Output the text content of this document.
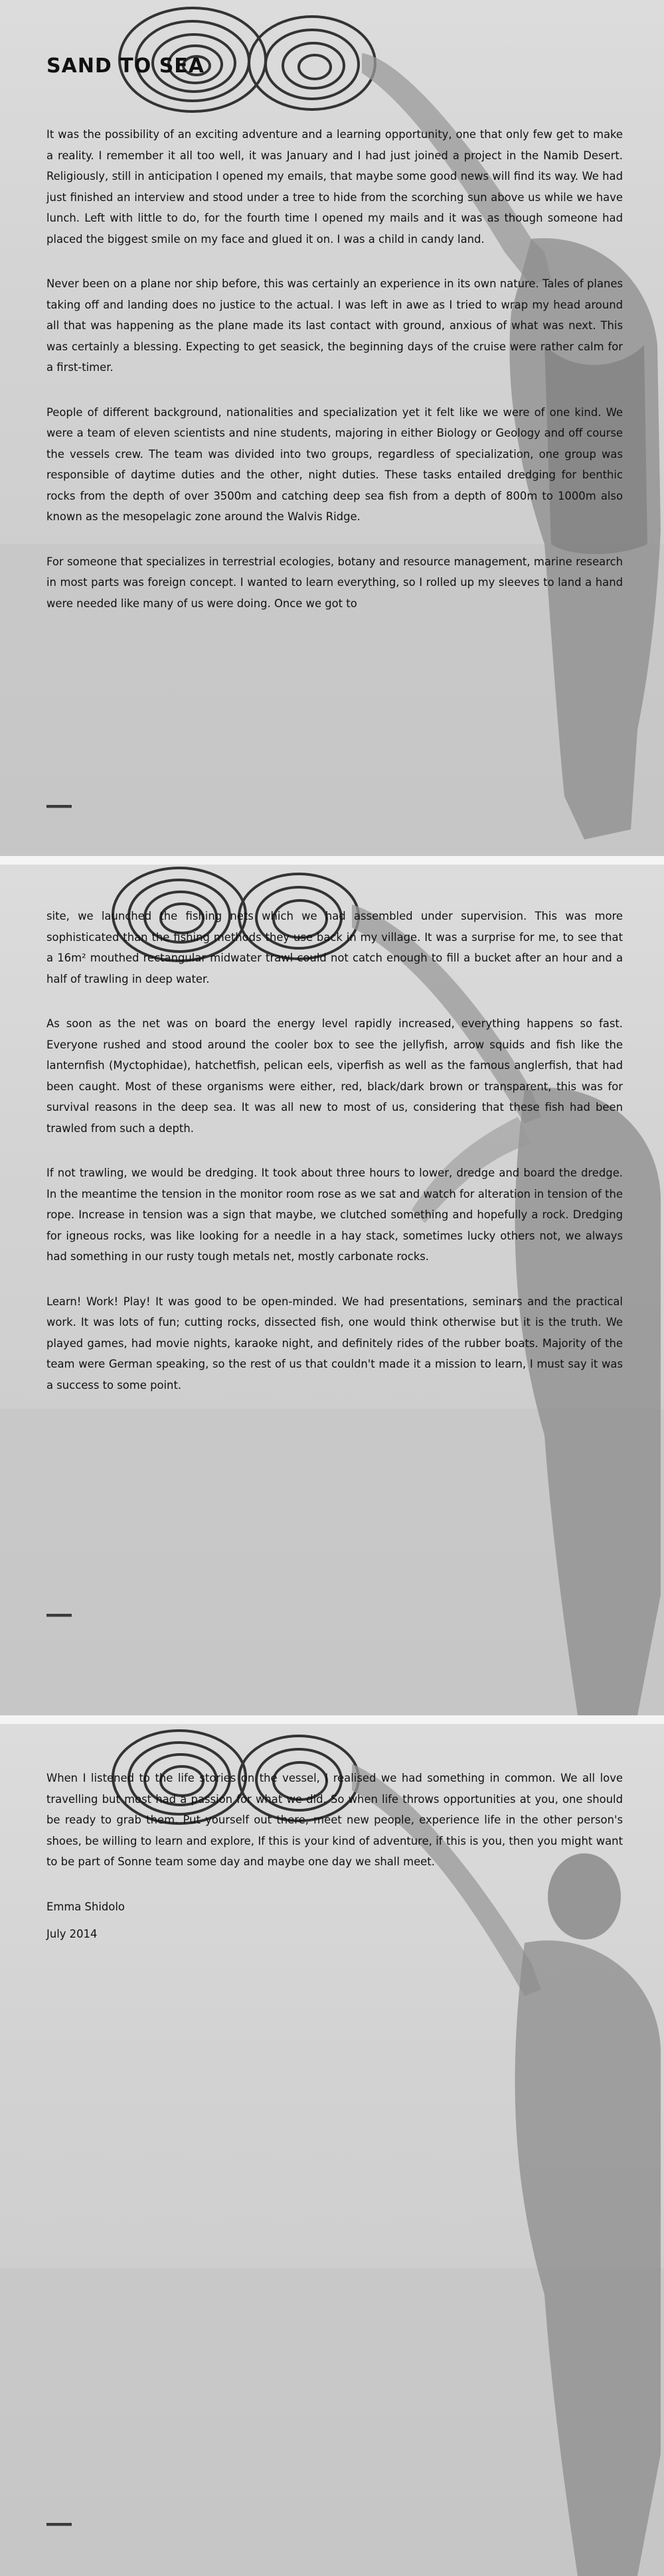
SAND TO SEA

It was the possibility of an exciting adventure and a learning opportunity, one that only few get to make a reality. I remember it all too well, it was January and I had just joined a project in the Namib Desert. Religiously, still in anticipation I opened my emails, that maybe some good news will find its way. We had just finished an interview and stood under a tree to hide from the scorching sun above us while we have lunch. Left with little to do, for the fourth time I opened my mails and it was as though someone had placed the biggest smile on my face and glued it on. I was a child in candy land.

Never been on a plane nor ship before, this was certainly an experience in its own nature. Tales of planes taking off and landing does no justice to the actual. I was left in awe as I tried to wrap my head around all that was happening as the plane made its last contact with ground, anxious of what was next. This was certainly a blessing. Expecting to get seasick, the beginning days of the cruise were rather calm for a first-timer.

People of different background, nationalities and specialization yet it felt like we were of one kind. We were a team of eleven scientists and nine students, majoring in either Biology or Geology and off course the vessels crew. The team was divided into two groups, regardless of specialization, one group was responsible of daytime duties and the other, night duties. These tasks entailed dredging for benthic rocks from the depth of over 3500m and catching deep sea fish from a depth of 800m to 1000m also known as the mesopelagic zone around the Walvis Ridge.

For someone that specializes in terrestrial ecologies, botany and resource management, marine research in most parts was foreign concept. I wanted to learn everything, so I rolled up my sleeves to land a hand were needed like many of us were doing. Once we got to

site, we launched the fishing nets which we had assembled under supervision. This was more sophisticated than the fishing methods they use back in my village. It was a surprise for me, to see that a 16m² mouthed rectangular midwater trawl could not catch enough to fill a bucket after an hour and a half of trawling in deep water.

As soon as the net was on board the energy level rapidly increased, everything happens so fast. Everyone rushed and stood around the cooler box to see the jellyfish, arrow squids and fish like the lanternfish (Myctophidae), hatchetfish, pelican eels, viperfish as well as the famous anglerfish, that had been caught. Most of these organisms were either, red, black/dark brown or transparent, this was for survival reasons in the deep sea. It was all new to most of us, considering that these fish had been trawled from such a depth.

If not trawling, we would be dredging. It took about three hours to lower, dredge and board the dredge. In the meantime the tension in the monitor room rose as we sat and watch for alteration in tension of the rope. Increase in tension was a sign that maybe, we clutched something and hopefully a rock. Dredging for igneous rocks, was like looking for a needle in a hay stack, sometimes lucky others not, we always had something in our rusty tough metals net, mostly carbonate rocks.

Learn! Work! Play! It was good to be open-minded. We had presentations, seminars and the practical work. It was lots of fun; cutting rocks, dissected fish, one would think otherwise but it is the truth. We played games, had movie nights, karaoke night, and definitely rides of the rubber boats. Majority of the team were German speaking, so the rest of us that couldn't made it a mission to learn, I must say it was a success to some point.

When I listened to the life stories on the vessel, I realised we had something in common. We all love travelling but most had a passion for what we did. So when life throws opportunities at you, one should be ready to grab them. Put yourself out there, meet new people, experience life in the other person's shoes, be willing to learn and explore, If this is your kind of adventure, if this is you, then you might want to be part of Sonne team some day and maybe one day we shall meet.

Emma Shidolo
July 2014
